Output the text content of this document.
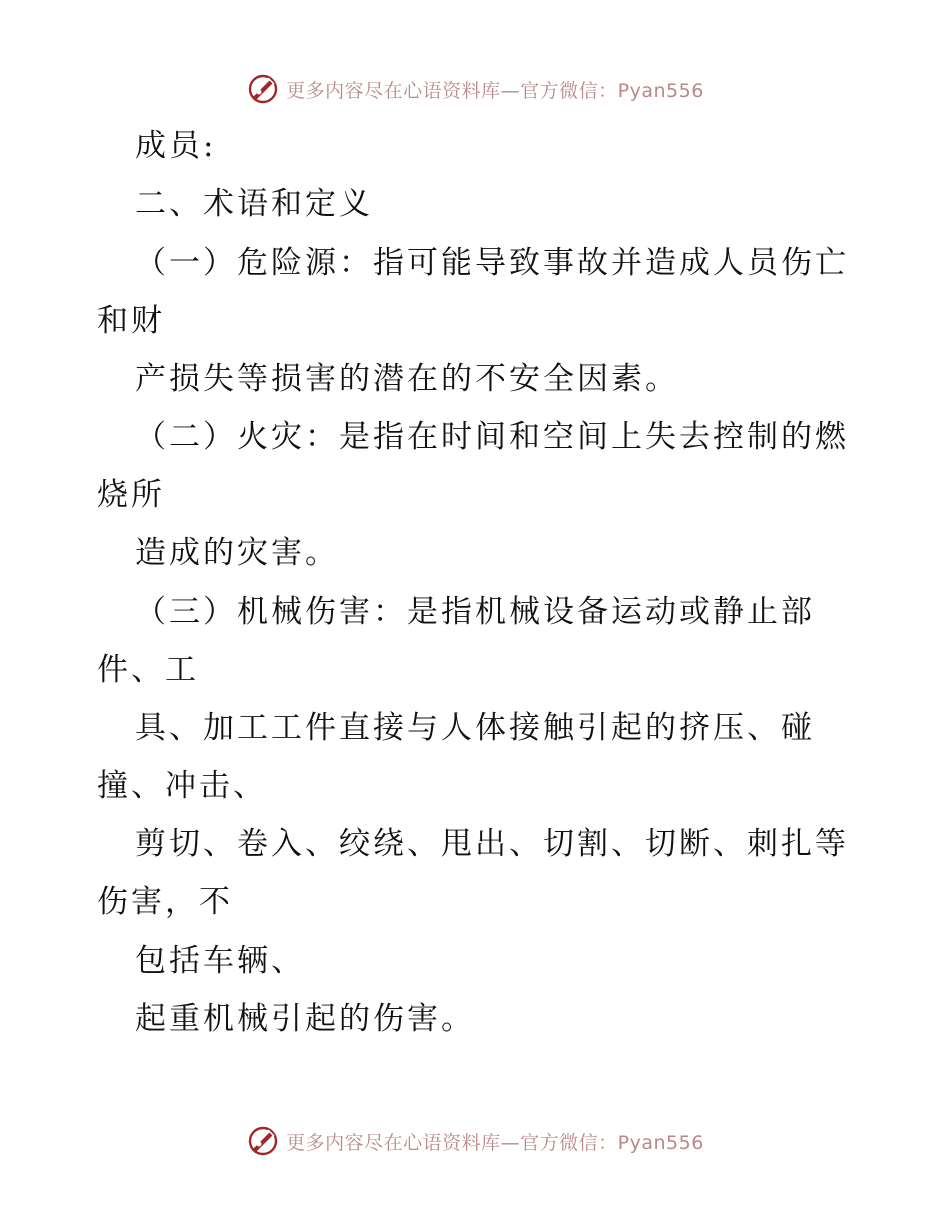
更多内容尽在心语资料库—官方微信：Pyan556
成员:
二、术语和定义
（一）危险源：指可能导致事故并造成人员伤亡
和财
产损失等损害的潜在的不安全因素。
（二）火灾：是指在时间和空间上失去控制的燃
烧所
造成的灾害。
（三）机械伤害：是指机械设备运动或静止部
件、工
具、加工工件直接与人体接触引起的挤压、碰
撞、冲击、
剪切、卷入、绞绕、甩出、切割、切断、刺扎等
伤害，不
包括车辆、
起重机械引起的伤害。
更多内容尽在心语资料库—官方微信：Pyan556
